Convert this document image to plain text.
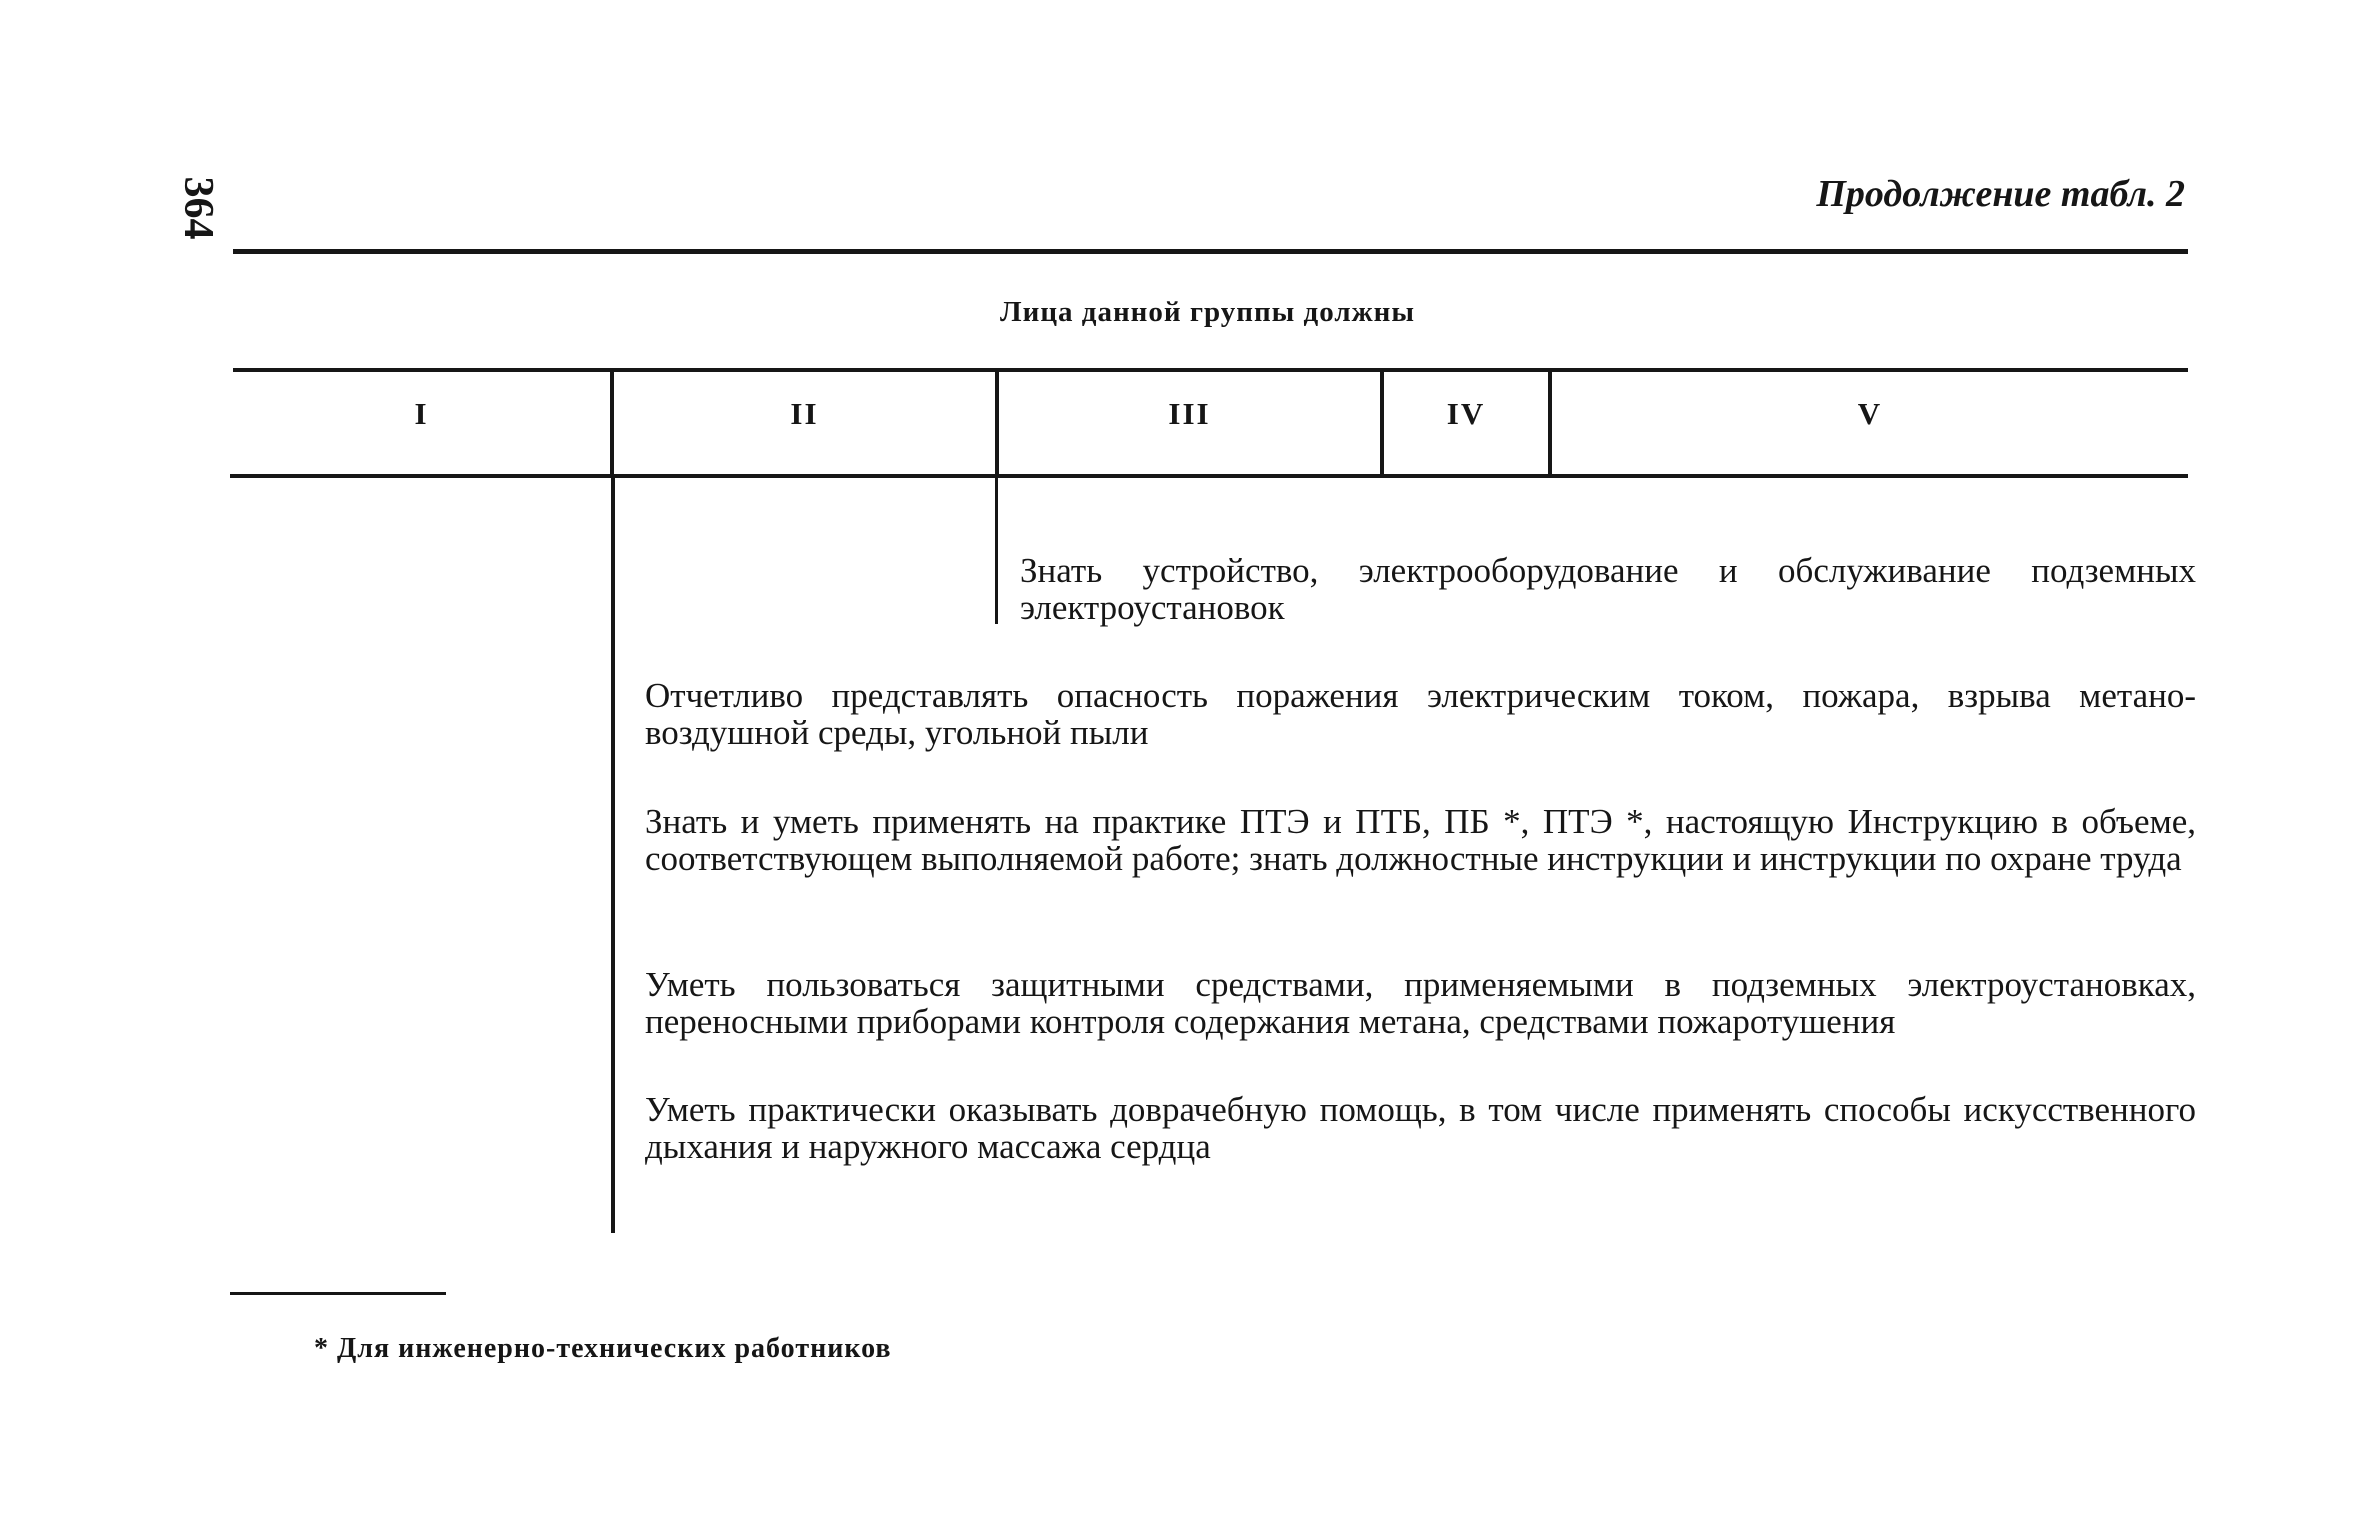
364	Продолжение табл. 2
Лица данной группы должны
I	II	III	IV	V
Знать устройство, электрооборудование и обслуживание подземных электроустановок
Отчетливо представлять опасность поражения электрическим током, пожара, взрыва метано-воздушной среды, угольной пыли
Знать и уметь применять на практике ПТЭ и ПТБ, ПБ *, ПТЭ *, настоящую Инструкцию в объеме, соответствующем выполняемой работе; знать должностные инструкции и инструкции по охране труда
Уметь пользоваться защитными средствами, применяемыми в подземных электроустановках, переносными приборами контроля содержания метана, средствами пожаротушения
Уметь практически оказывать доврачебную помощь, в том числе применять способы искусственного дыхания и наружного массажа сердца
* Для инженерно-технических работников
